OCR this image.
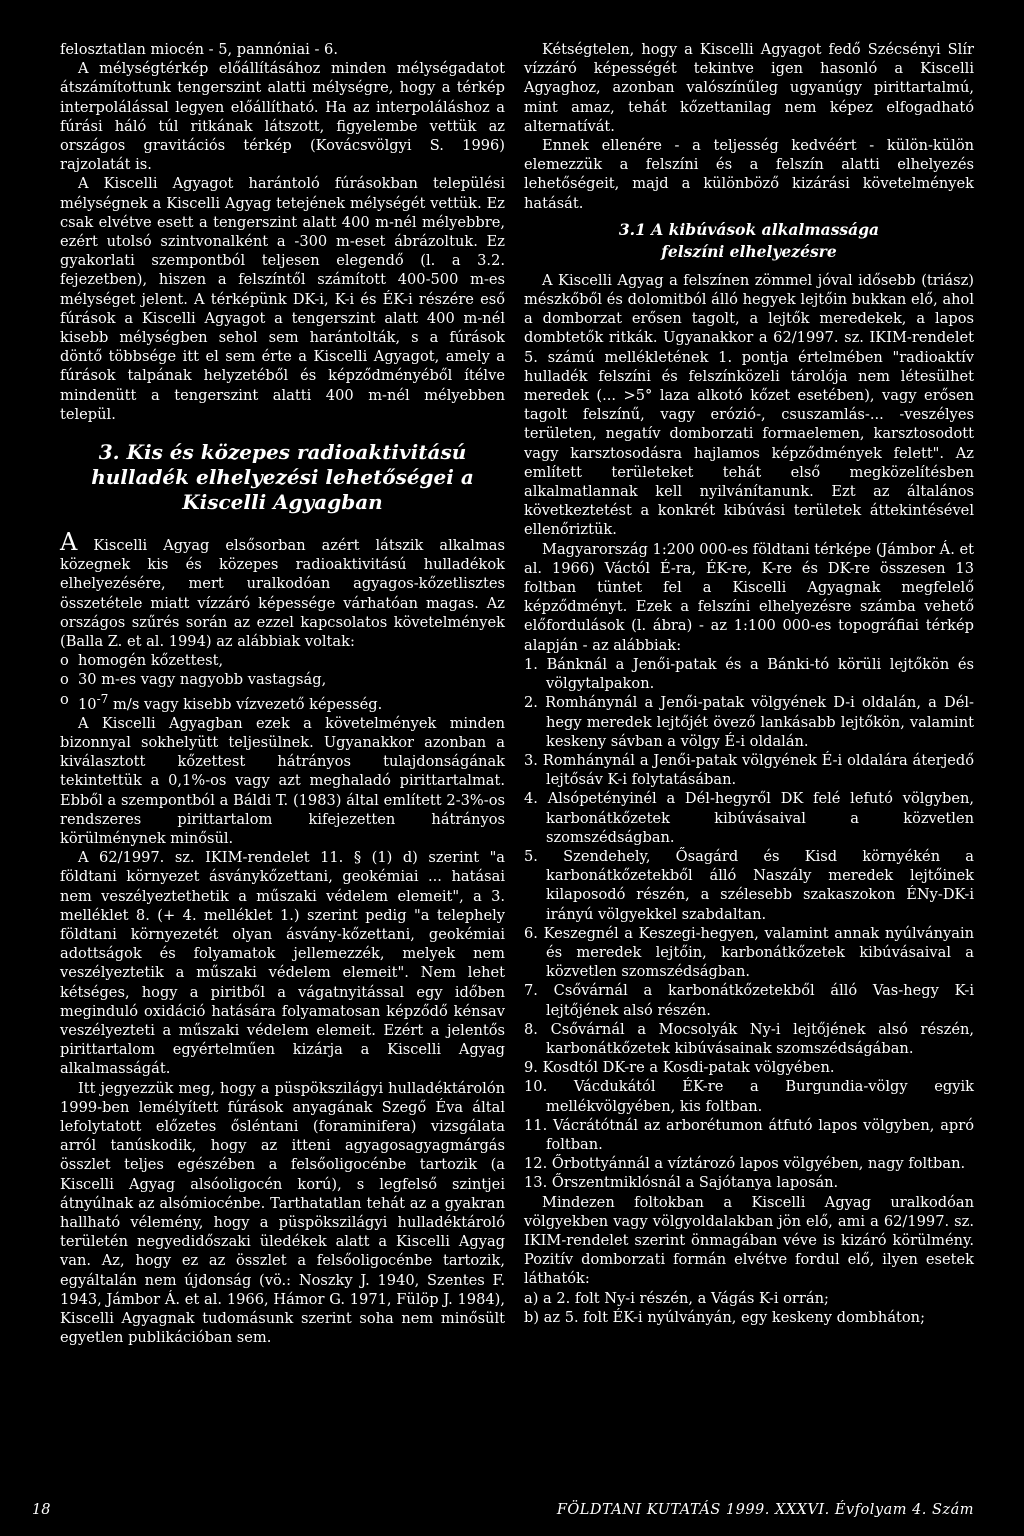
felosztatlan miocén - 5, pannóniai - 6.

A mélységtérkép előállításához minden mélységadatot átszámítottunk tengerszint alatti mélységre, hogy a térkép interpolálással legyen előállítható. Ha az interpoláláshoz a fúrási háló túl ritkának látszott, figyelembe vettük az országos gravitációs térkép (Kovácsvölgyi S. 1996) rajzolatát is.

A Kiscelli Agyagot harántoló fúrásokban települési mélységnek a Kiscelli Agyag tetejének mélységét vettük. Ez csak elvétve esett a tengerszint alatt 400 m-nél mélyebbre, ezért utolsó szintvonalként a -300 m-eset ábrázoltuk. Ez gyakorlati szempontból teljesen elegendő (l. a 3.2. fejezetben), hiszen a felszíntől számított 400-500 m-es mélységet jelent. A térképünk DK-i, K-i és ÉK-i részére eső fúrások a Kiscelli Agyagot a tengerszint alatt 400 m-nél kisebb mélységben sehol sem harántolták, s a fúrások döntő többsége itt el sem érte a Kiscelli Agyagot, amely a fúrások talpának helyzetéből és képződményéből ítélve mindenütt a tengerszint alatti 400 m-nél mélyebben települ.

3. Kis és közepes radioaktivitású hulladék elhelyezési lehetőségei a Kiscelli Agyagban

A Kiscelli Agyag elsősorban azért látszik alkalmas közegnek kis és közepes radioaktivitású hulladékok elhelyezésére, mert uralkodóan agyagos-kőzetlisztes összetétele miatt vízzáró képessége várhatóan magas. Az országos szűrés során az ezzel kapcsolatos követelmények (Balla Z. et al. 1994) az alábbiak voltak:

o homogén kőzettest,
o 30 m-es vagy nagyobb vastagság,
o $10^{-7}$ m/s vagy kisebb vízvezető képesség.

A Kiscelli Agyagban ezek a követelmények minden bizonnyal sokhelyütt teljesülnek. Ugyanakkor azonban a kiválasztott kőzettest hátrányos tulajdonságának tekintettük a 0,1%-os vagy azt meghaladó pirittartalmat. Ebből a szempontból a Báldi T. (1983) által említett 2-3%-os rendszeres pirittartalom kifejezetten hátrányos körülménynek minősül.

A 62/1997. sz. IKIM-rendelet 11. § (1) d) szerint "a földtani környezet ásványkőzettani, geokémiai ... hatásai nem veszélyeztethetik a műszaki védelem elemeit", a 3. melléklet 8. (+ 4. melléklet 1.) szerint pedig "a telephely földtani környezetét olyan ásvány-kőzettani, geokémiai adottságok és folyamatok jellemezzék, melyek nem veszélyeztetik a műszaki védelem elemeit". Nem lehet kétséges, hogy a piritből a vágatnyitással egy időben meginduló oxidáció hatására folyamatosan képződő kénsav veszélyezteti a műszaki védelem elemeit. Ezért a jelentős pirittartalom egyértelműen kizárja a Kiscelli Agyag alkalmasságát.

Itt jegyezzük meg, hogy a püspökszilágyi hulladéktárolón 1999-ben lemélyített fúrások anyagának Szegő Éva által lefolytatott előzetes ősléntani (foraminifera) vizsgálata arról tanúskodik, hogy az itteni agyagosagyagmárgás összlet teljes egészében a felsőoligocénbe tartozik (a Kiscelli Agyag alsóoligocén korú), s legfelső szintjei átnyúlnak az alsómiocénbe. Tarthatatlan tehát az a gyakran hallható vélemény, hogy a püspökszilágyi hulladéktároló területén negyedidőszaki üledékek alatt a Kiscelli Agyag van. Az, hogy ez az összlet a felsőoligocénbe tartozik, egyáltalán nem újdonság (vö.: Noszky J. 1940, Szentes F. 1943, Jámbor Á. et al. 1966, Hámor G. 1971, Fülöp J. 1984), Kiscelli Agyagnak tudomásunk szerint soha nem minősült egyetlen publikációban sem.

Kétségtelen, hogy a Kiscelli Agyagot fedő Szécsényi Slír vízzáró képességét tekintve igen hasonló a Kiscelli Agyaghoz, azonban valószínűleg ugyanúgy pirittartalmú, mint amaz, tehát kőzettanilag nem képez elfogadható alternatívát.

Ennek ellenére - a teljesség kedvéért - külön-külön elemezzük a felszíni és a felszín alatti elhelyezés lehetőségeit, majd a különböző kizárási követelmények hatását.

3.1 A kibúvások alkalmassága
felszíni elhelyezésre

A Kiscelli Agyag a felszínen zömmel jóval idősebb (triász) mészkőből és dolomitból álló hegyek lejtőin bukkan elő, ahol a domborzat erősen tagolt, a lejtők meredekek, a lapos dombtetők ritkák. Ugyanakkor a 62/1997. sz. IKIM-rendelet 5. számú mellékletének 1. pontja értelmében "radioaktív hulladék felszíni és felszínközeli tárolója nem létesülhet meredek (... >5° laza alkotó kőzet esetében), vagy erősen tagolt felszínű, vagy erózió-, csuszamlás-... -veszélyes területen, negatív domborzati formaelemen, karsztosodott vagy karsztosodásra hajlamos képződmények felett". Az említett területeket tehát első megközelítésben alkalmatlannak kell nyilvánítanunk. Ezt az általános következtetést a konkrét kibúvási területek áttekintésével ellenőriztük.

Magyarország 1:200 000-es földtani térképe (Jámbor Á. et al. 1966) Váctól É-ra, ÉK-re, K-re és DK-re összesen 13 foltban tüntet fel a Kiscelli Agyagnak megfelelő képződményt. Ezek a felszíni elhelyezésre számba vehető előfordulások (l. ábra) - az 1:100 000-es topográfiai térkép alapján - az alábbiak:

1. Bánknál a Jenői-patak és a Bánki-tó körüli lejtőkön és völgytalpakon.
2. Romhánynál a Jenői-patak völgyének D-i oldalán, a Dél-hegy meredek lejtőjét övező lankásabb lejtőkön, valamint keskeny sávban a völgy É-i oldalán.
3. Romhánynál a Jenői-patak völgyének É-i oldalára áterjedő lejtősáv K-i folytatásában.
4. Alsópetényinél a Dél-hegyről DK felé lefutó völgyben, karbonátkőzetek kibúvásaival a közvetlen szomszédságban.
5. Szendehely, Ősagárd és Kisd környékén a karbonátkőzetekből álló Naszály meredek lejtőinek kilaposodó részén, a szélesebb szakaszokon ÉNy-DK-i irányú völgyekkel szabdaltan.
6. Keszegnél a Keszegi-hegyen, valamint annak nyúlványain és meredek lejtőin, karbonátkőzetek kibúvásaival a közvetlen szomszédságban.
7. Csővárnál a karbonátkőzetekből álló Vas-hegy K-i lejtőjének alsó részén.
8. Csővárnál a Mocsolyák Ny-i lejtőjének alsó részén, karbonátkőzetek kibúvásainak szomszédságában.
9. Kosdtól DK-re a Kosdi-patak völgyében.
10. Vácdukától ÉK-re a Burgundia-völgy egyik mellékvölgyében, kis foltban.
11. Vácrátótnál az arborétumon átfutó lapos völgyben, apró foltban.
12. Őrbottyánnál a víztározó lapos völgyében, nagy foltban.
13. Őrszentmiklósnál a Sajótanya laposán.

Mindezen foltokban a Kiscelli Agyag uralkodóan völgyekben vagy völgyoldalakban jön elő, ami a 62/1997. sz. IKIM-rendelet szerint önmagában véve is kizáró körülmény. Pozitív domborzati formán elvétve fordul elő, ilyen esetek láthatók:

a) a 2. folt Ny-i részén, a Vágás K-i orrán;

b) az 5. folt ÉK-i nyúlványán, egy keskeny dombháton;

18	FÖLDTANI KUTATÁS 1999. XXXVI. Évfolyam 4. Szám
